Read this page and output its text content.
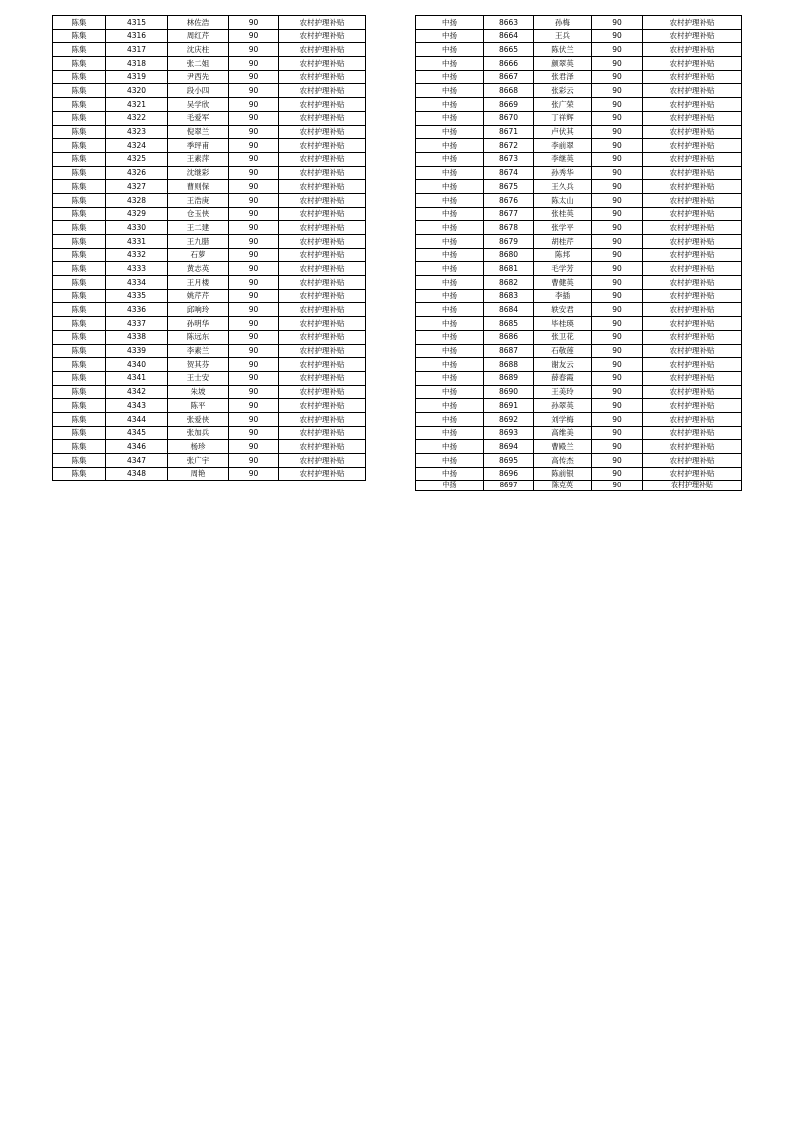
陈集	4315	林佐浩	90	农村护理补贴
陈集	4316	周红芹	90	农村护理补贴
陈集	4317	沈庆柱	90	农村护理补贴
陈集	4318	张二姐	90	农村护理补贴
陈集	4319	尹西先	90	农村护理补贴
陈集	4320	段小四	90	农村护理补贴
陈集	4321	吴学欣	90	农村护理补贴
陈集	4322	毛爱军	90	农村护理补贴
陈集	4323	倪翠兰	90	农村护理补贴
陈集	4324	季玶甫	90	农村护理补贴
陈集	4325	王素萍	90	农村护理补贴
陈集	4326	沈继彩	90	农村护理补贴
陈集	4327	曹则保	90	农村护理补贴
陈集	4328	王浩庚	90	农村护理补贴
陈集	4329	仓玉侠	90	农村护理补贴
陈集	4330	王二建	90	农村护理补贴
陈集	4331	王九腊	90	农村护理补贴
陈集	4332	石萝	90	农村护理补贴
陈集	4333	黄志英	90	农村护理补贴
陈集	4334	王月楼	90	农村护理补贴
陈集	4335	姚芹芹	90	农村护理补贴
陈集	4336	邱响玲	90	农村护理补贴
陈集	4337	孙明华	90	农村护理补贴
陈集	4338	陈远东	90	农村护理补贴
陈集	4339	李素兰	90	农村护理补贴
陈集	4340	贺其芬	90	农村护理补贴
陈集	4341	王士安	90	农村护理补贴
陈集	4342	朱坡	90	农村护理补贴
陈集	4343	陈平	90	农村护理补贴
陈集	4344	张爱侠	90	农村护理补贴
陈集	4345	张加兵	90	农村护理补贴
陈集	4346	杨珍	90	农村护理补贴
陈集	4347	张广宇	90	农村护理补贴
陈集	4348	周艳	90	农村护理补贴
中扬	8663	孙梅	90	农村护理补贴
中扬	8664	王兵	90	农村护理补贴
中扬	8665	陈伏兰	90	农村护理补贴
中扬	8666	颜翠英	90	农村护理补贴
中扬	8667	张君泽	90	农村护理补贴
中扬	8668	张彩云	90	农村护理补贴
中扬	8669	张广荣	90	农村护理补贴
中扬	8670	丁祥辉	90	农村护理补贴
中扬	8671	卢伏其	90	农村护理补贴
中扬	8672	李前翠	90	农村护理补贴
中扬	8673	李继英	90	农村护理补贴
中扬	8674	孙秀华	90	农村护理补贴
中扬	8675	王久兵	90	农村护理补贴
中扬	8676	陈太山	90	农村护理补贴
中扬	8677	张桂英	90	农村护理补贴
中扬	8678	张学平	90	农村护理补贴
中扬	8679	胡桂芹	90	农村护理补贴
中扬	8680	陈邦	90	农村护理补贴
中扬	8681	毛学芳	90	农村护理补贴
中扬	8682	曹健英	90	农村护理补贴
中扬	8683	李插	90	农村护理补贴
中扬	8684	轶安君	90	农村护理补贴
中扬	8685	毕桂瑛	90	农村护理补贴
中扬	8686	张卫花	90	农村护理补贴
中扬	8687	石敬莲	90	农村护理补贴
中扬	8688	谢友云	90	农村护理补贴
中扬	8689	薛春霞	90	农村护理补贴
中扬	8690	王美玲	90	农村护理补贴
中扬	8691	孙翠英	90	农村护理补贴
中扬	8692	刘学梅	90	农村护理补贴
中扬	8693	高维美	90	农村护理补贴
中扬	8694	曹殿兰	90	农村护理补贴
中扬	8695	高传杰	90	农村护理补贴
中扬	8696	陈前银	90	农村护理补贴
中扬	8697	陈克英	90	农村护理补贴
